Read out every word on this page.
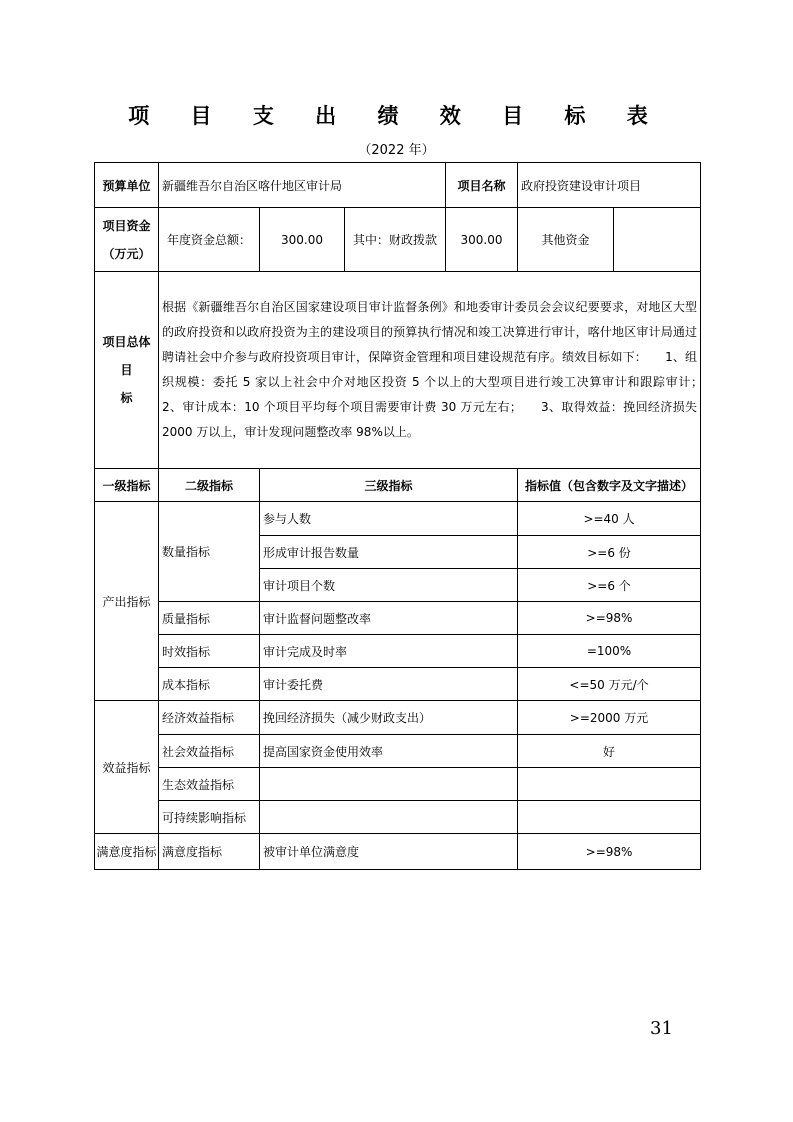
项 目 支 出 绩 效 目 标 表
（2022 年）
预算单位	新疆维吾尔自治区喀什地区审计局			项目名称	政府投资建设审计项目	

项目资金
（万元）	年度资金总额：	300.00	其中：财政拨款	300.00	其他资金	

项目总体目
标	根据《新疆维吾尔自治区国家建设项目审计监督条例》和地委审计委员会会议纪要要求，对地区大型的政府投资和以政府投资为主的建设项目的预算执行情况和竣工决算进行审计，喀什地区审计局通过聘请社会中介参与政府投资项目审计，保障资金管理和项目建设规范有序。绩效目标如下：　　1、组织规模：委托 5 家以上社会中介对地区投资 5 个以上的大型项目进行竣工决算审计和跟踪审计；　　2、审计成本：10 个项目平均每个项目需要审计费 30 万元左右；　　3、取得效益：挽回经济损失 2000 万以上，审计发现问题整改率 98%以上。					
一级指标	二级指标	三级指标			指标值（包含数字及文字描述）	
产出指标	数量指标	参与人数			>=40 人	
		形成审计报告数量			>=6 份	
		审计项目个数			>=6 个	
	质量指标	审计监督问题整改率			>=98%	
	时效指标	审计完成及时率			=100%	
	成本指标	审计委托费			<=50 万元/个	
效益指标	经济效益指标	挽回经济损失（减少财政支出）			>=2000 万元	
	社会效益指标	提高国家资金使用效率			好	
	生态效益指标					
	可持续影响指标					
满意度指标	满意度指标	被审计单位满意度			>=98%	
31
